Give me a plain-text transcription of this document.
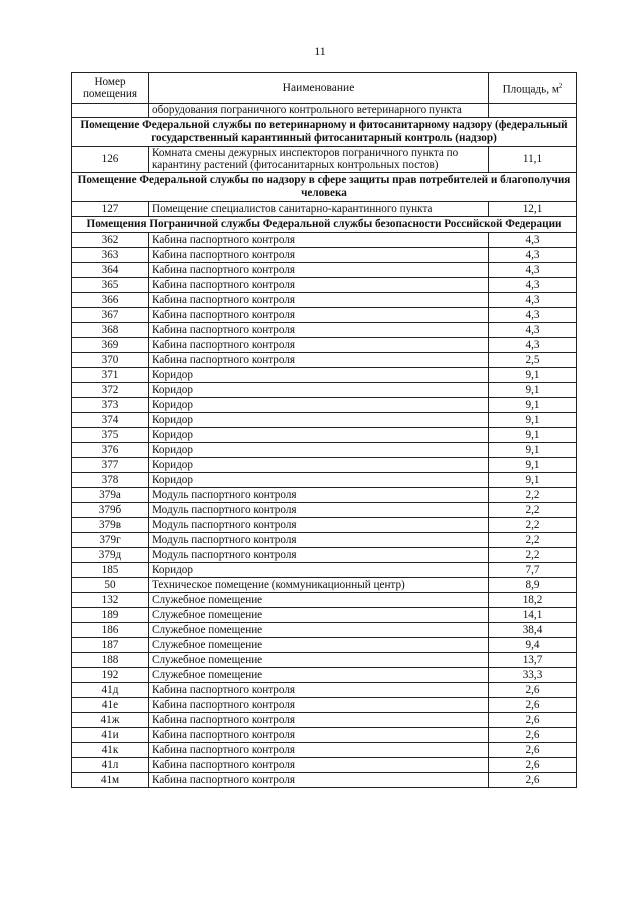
11
Номер помещения	Наименование	Площадь, $м^2$
	оборудования пограничного контрольного ветеринарного пункта	
Помещение Федеральной службы по ветеринарному и фитосанитарному надзору (федеральный государственный карантинный фитосанитарный контроль (надзор)		
126	Комната смены дежурных инспекторов пограничного пункта по карантину растений (фитосанитарных контрольных постов)	11,1
Помещение Федеральной службы по надзору в сфере защиты прав потребителей и благополучия человека		
127	Помещение специалистов санитарно-карантинного пункта	12,1
Помещения Пограничной службы Федеральной службы безопасности Российской Федерации		
362	Кабина паспортного контроля	4,3
363	Кабина паспортного контроля	4,3
364	Кабина паспортного контроля	4,3
365	Кабина паспортного контроля	4,3
366	Кабина паспортного контроля	4,3
367	Кабина паспортного контроля	4,3
368	Кабина паспортного контроля	4,3
369	Кабина паспортного контроля	4,3
370	Кабина паспортного контроля	2,5
371	Коридор	9,1
372	Коридор	9,1
373	Коридор	9,1
374	Коридор	9,1
375	Коридор	9,1
376	Коридор	9,1
377	Коридор	9,1
378	Коридор	9,1
379а	Модуль паспортного контроля	2,2
379б	Модуль паспортного контроля	2,2
379в	Модуль паспортного контроля	2,2
379г	Модуль паспортного контроля	2,2
379д	Модуль паспортного контроля	2,2
185	Коридор	7,7
50	Техническое помещение (коммуникационный центр)	8,9
132	Служебное помещение	18,2
189	Служебное помещение	14,1
186	Служебное помещение	38,4
187	Служебное помещение	9,4
188	Служебное помещение	13,7
192	Служебное помещение	33,3
41д	Кабина паспортного контроля	2,6
41е	Кабина паспортного контроля	2,6
41ж	Кабина паспортного контроля	2,6
41и	Кабина паспортного контроля	2,6
41к	Кабина паспортного контроля	2,6
41л	Кабина паспортного контроля	2,6
41м	Кабина паспортного контроля	2,6
